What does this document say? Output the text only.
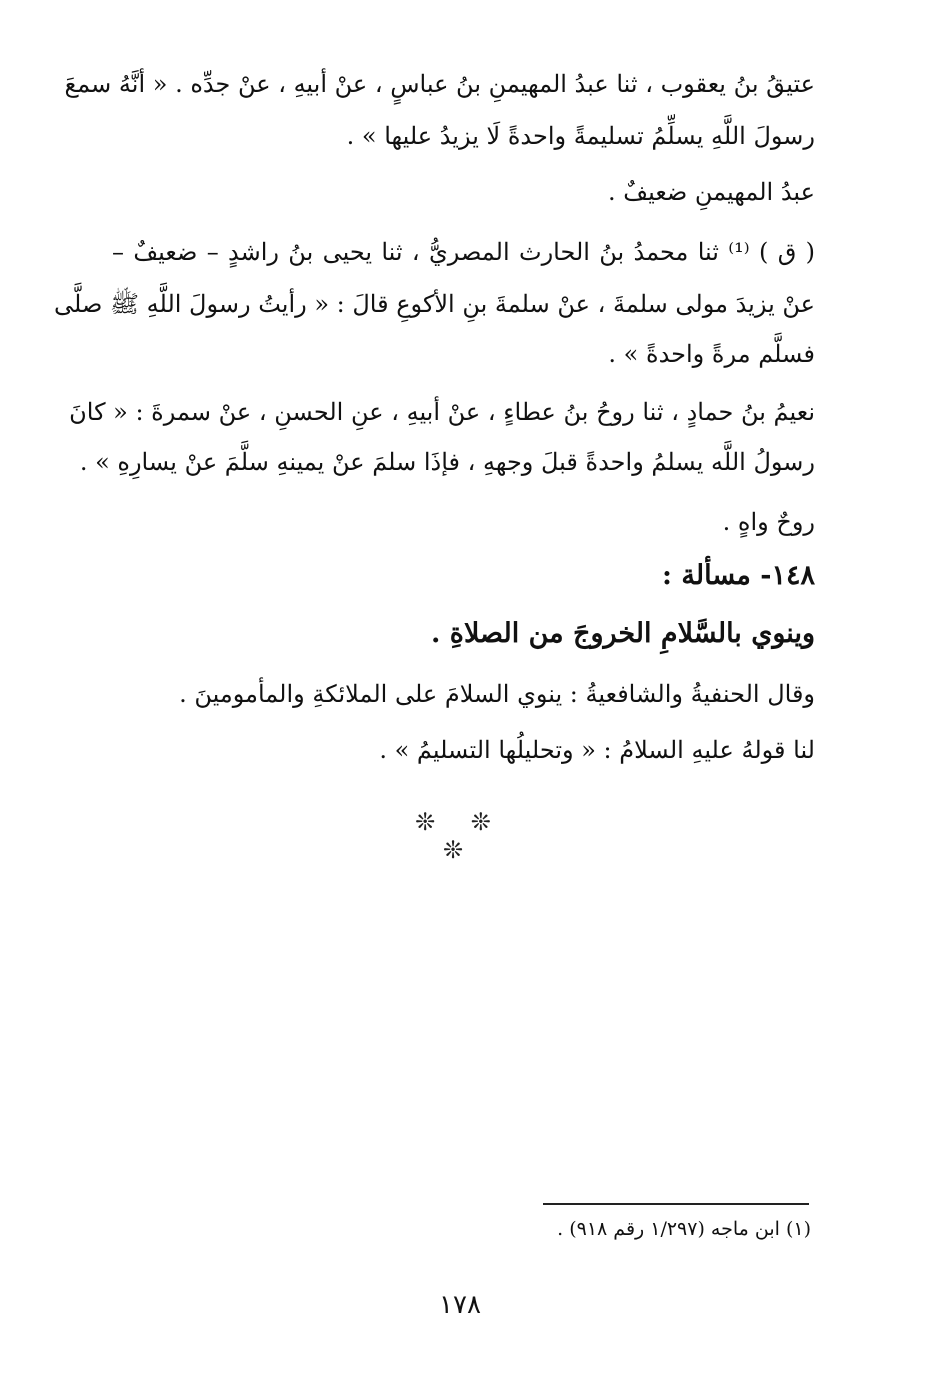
عتيقُ بنُ يعقوب ، ثنا عبدُ المهيمنِ بنُ عباسٍ ، عنْ أبيهِ ، عنْ جدِّه . « أنَّهُ سمعَ
رسولَ اللَّهِ يسلِّمُ تسليمةً واحدةً لَا يزيدُ عليها » .
عبدُ المهيمنِ ضعيفٌ .
( ق ) ⁽¹⁾ ثنا محمدُ بنُ الحارث المصريُّ ، ثنا يحيى بنُ راشدٍ – ضعيفٌ –
عنْ يزيدَ مولى سلمةَ ، عنْ سلمةَ بنِ الأكوعِ قالَ : « رأيتُ رسولَ اللَّهِ ﷺ صلَّى
فسلَّم مرةً واحدةً » .
نعيمُ بنُ حمادٍ ، ثنا روحُ بنُ عطاءٍ ، عنْ أبيهِ ، عنِ الحسنِ ، عنْ سمرةَ : « كانَ
رسولُ اللَّه يسلمُ واحدةً قبلَ وجههِ ، فإذَا سلمَ عنْ يمينهِ سلَّمَ عنْ يسارِهِ » .
روحٌ واهٍ .
١٤٨- مسألة :
وينوي بالسَّلامِ الخروجَ من الصلاةِ .
وقال الحنفيةُ والشافعيةُ : ينوي السلامَ على الملائكةِ والمأمومينَ .
لنا قولهُ عليهِ السلامُ : « وتحليلُها التسليمُ » .
❊ ❊ ❊
(١) ابن ماجه (١/٢٩٧ رقم ٩١٨) .
١٧٨
